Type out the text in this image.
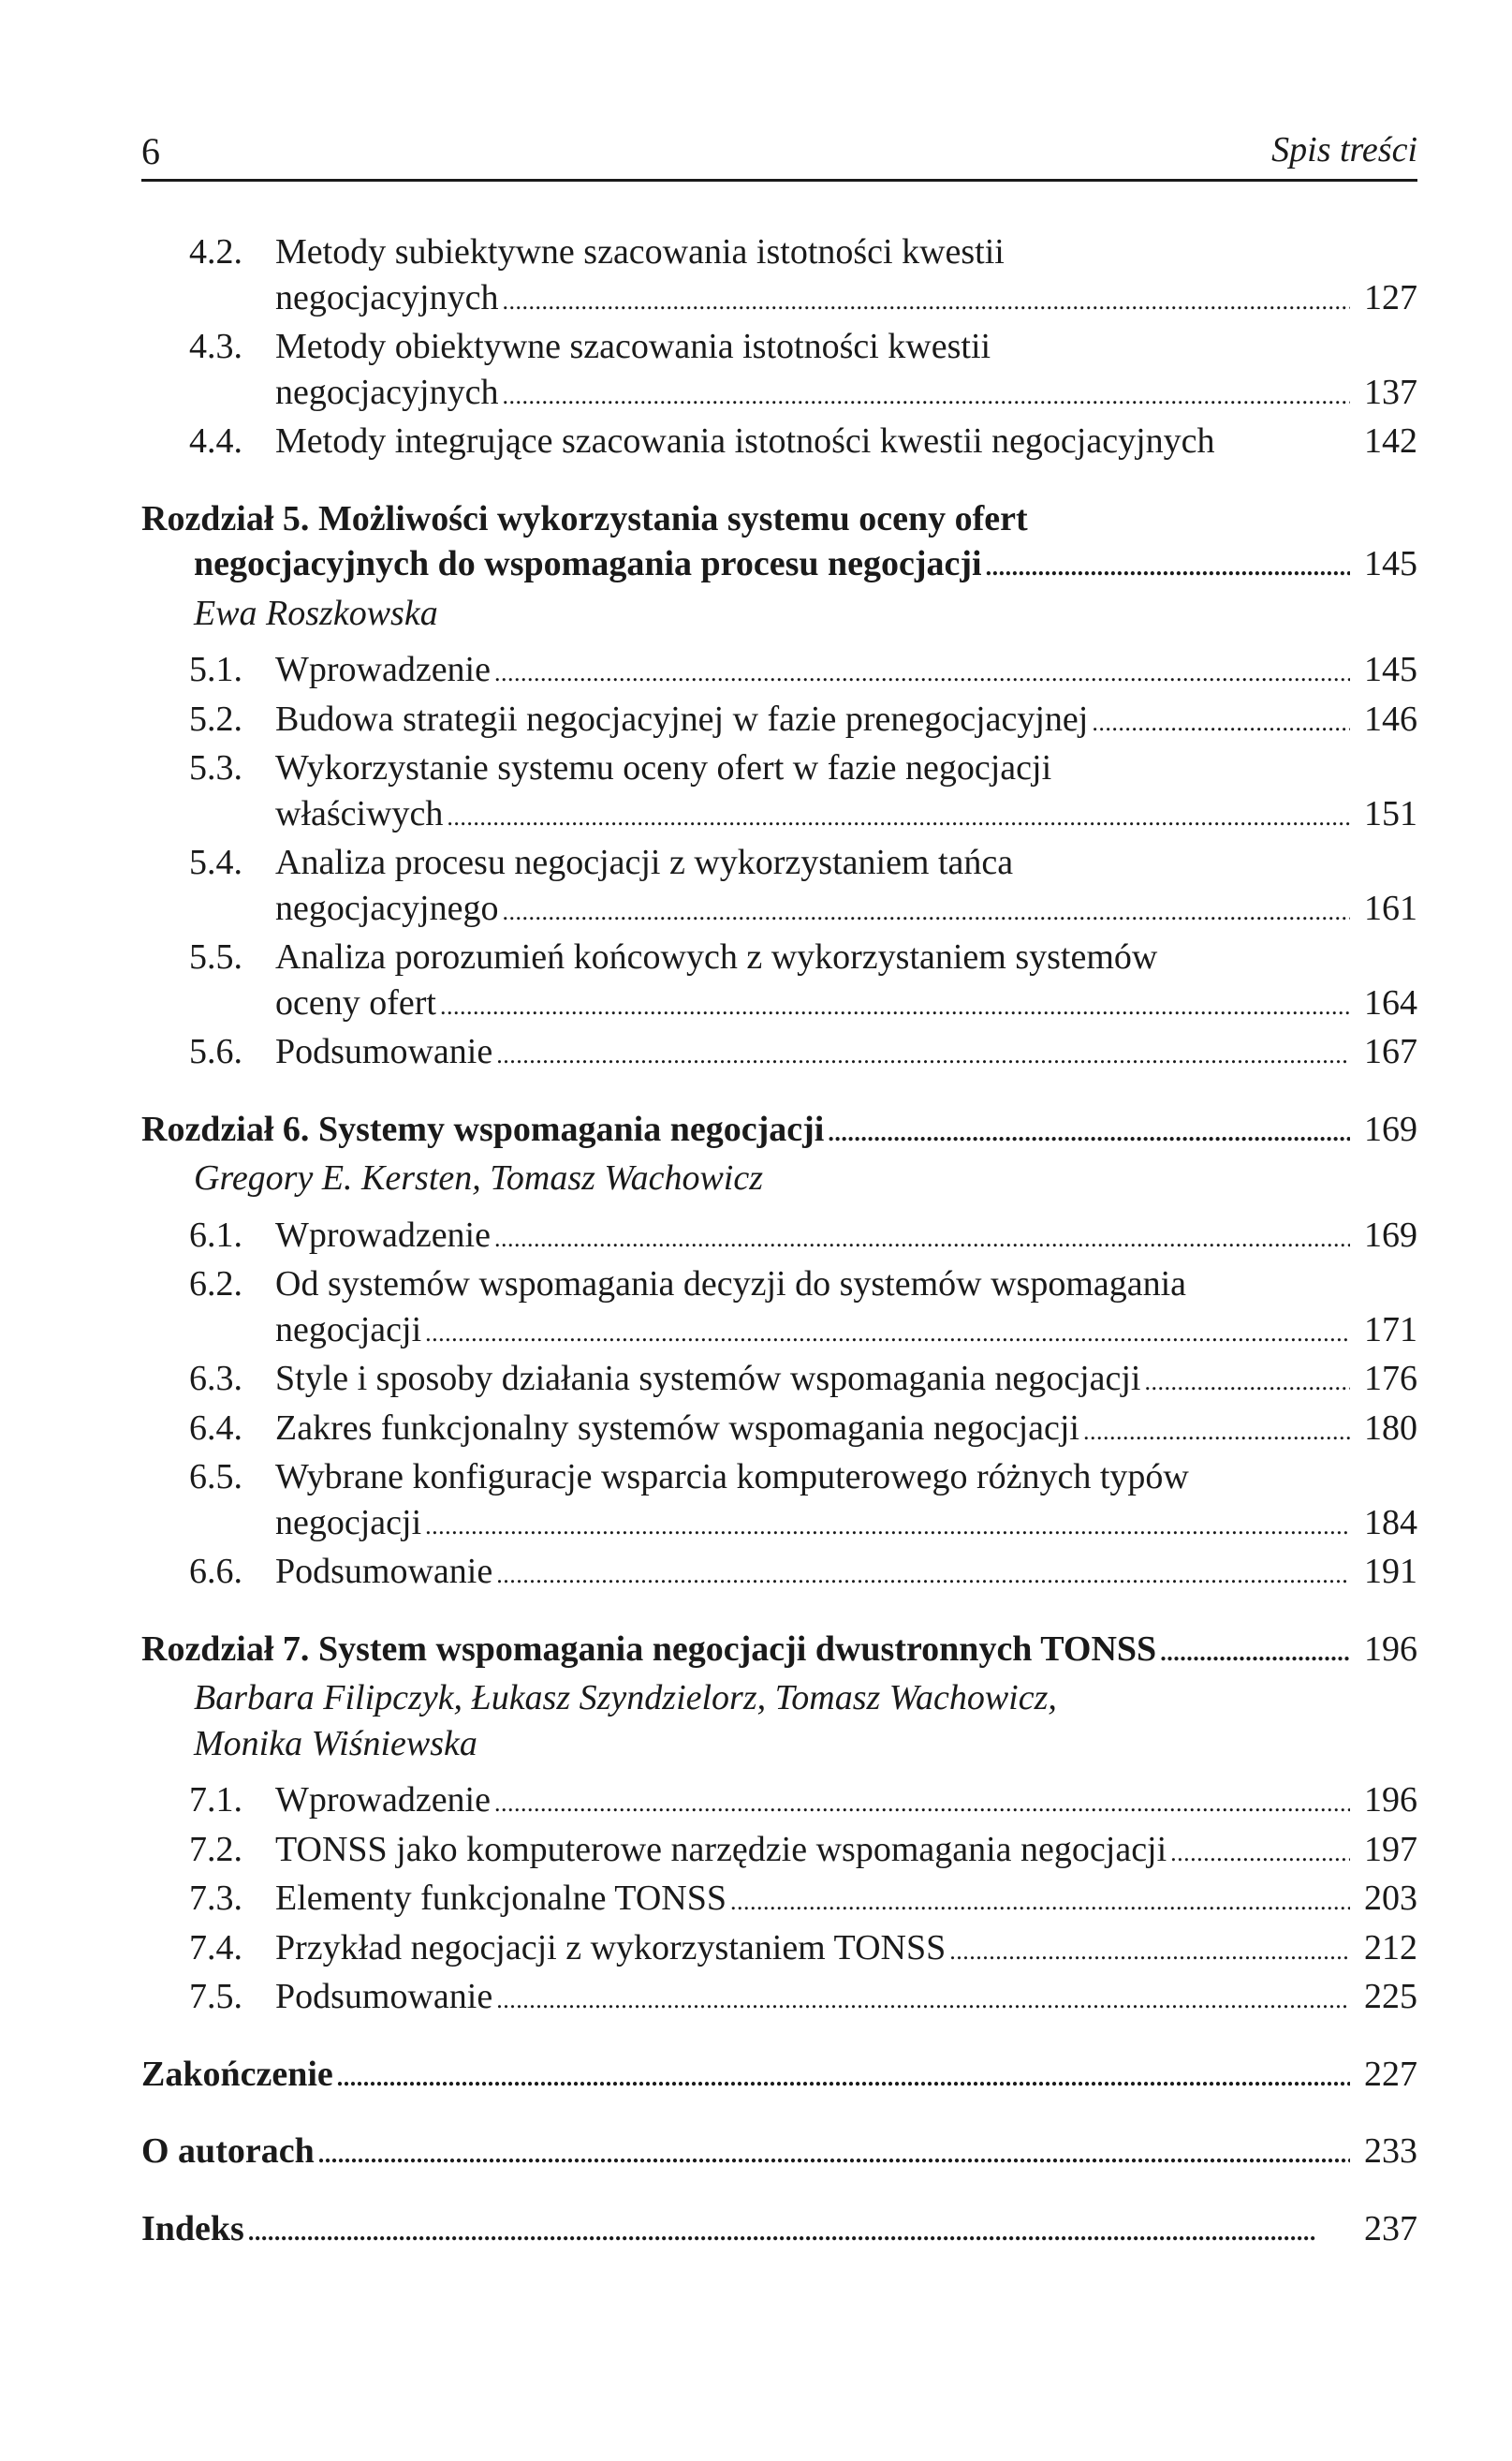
6	Spis treści
4.2. Metody subiektywne szacowania istotności kwestii
negocjacyjnych . . .	127
4.3. Metody obiektywne szacowania istotności kwestii
negocjacyjnych . . .	137
4.4. Metody integrujące szacowania istotności kwestii negocjacyjnych	142
Rozdział 5.
Możliwości wykorzystania systemu oceny ofert
negocjacyjnych do wspomagania procesu negocjacji . . .	145
Ewa Roszkowska
5.1. Wprowadzenie . . .	145
5.2. Budowa strategii negocjacyjnej w fazie prenegocjacyjnej . . .	146
5.3. Wykorzystanie systemu oceny ofert w fazie negocjacji
właściwych . . .	151
5.4. Analiza procesu negocjacji z wykorzystaniem tańca
negocjacyjnego . . .	161
5.5. Analiza porozumień końcowych z wykorzystaniem systemów
oceny ofert . . .	164
5.6. Podsumowanie . . .	167
Rozdział 6.
Systemy wspomagania negocjacji . . .	169
Gregory E. Kersten, Tomasz Wachowicz
6.1. Wprowadzenie . . .	169
6.2. Od systemów wspomagania decyzji do systemów wspomagania
negocjacji . . .	171
6.3. Style i sposoby działania systemów wspomagania negocjacji . . .	176
6.4. Zakres funkcjonalny systemów wspomagania negocjacji . . .	180
6.5. Wybrane konfiguracje wsparcia komputerowego różnych typów
negocjacji . . .	184
6.6. Podsumowanie . . .	191
Rozdział 7.
System wspomagania negocjacji dwustronnych TONSS . . .	196
Barbara Filipczyk, Łukasz Szyndzielorz, Tomasz Wachowicz,
Monika Wiśniewska
7.1. Wprowadzenie . . .	196
7.2. TONSS jako komputerowe narzędzie wspomagania negocjacji . . .	197
7.3. Elementy funkcjonalne TONSS . . .	203
7.4. Przykład negocjacji z wykorzystaniem TONSS . . .	212
7.5. Podsumowanie . . .	225
Zakończenie . . .	227
O autorach . . .	233
Indeks . . .	237
